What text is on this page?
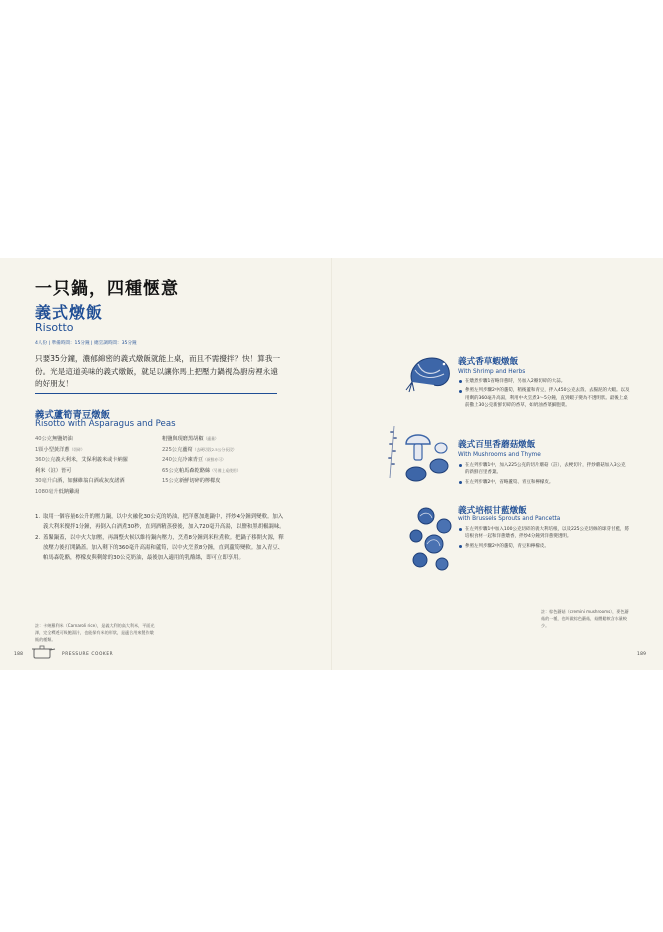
一只鍋，四種愜意
義式燉飯
Risotto
4人份 | 準備時間：15分鐘 | 總烹調時間：35分鐘
只要35分鐘，濃郁綿密的義式燉飯就能上桌，而且不需攪拌？快！算我一份。光是這道美味的義式燉飯，就足以讓你馬上把壓力鍋視為廚房裡永遠的好朋友！
義式蘆筍青豆燉飯
Risotto with Asparagus and Peas
40公克無鹽奶油
1顆小型黃洋蔥（切碎）
360公克義大利米，艾保利義米或卡納羅
利米（註）皆可
30毫升白酒，如蘇維翁白酒或灰皮諾酒
1080毫升低鈉雞湯
粗鹽與現磨黑胡椒（適量）
225公克蘆筍（去硬切段2.5公分長段）
240公克冷凍青豆（新鮮亦可）
65公克帕馬森乾酪絲（另備上桌使用）
15公克新鮮切碎的檸檬皮
1. 取用一個容量6公升的壓力鍋，以中火融化30公克的奶油，把洋蔥加進鍋中，拌炒4分鐘到變軟。加入義大利米攪拌1分鐘，再倒入白酒煮30秒，直到酒精蒸發後，加入720毫升高湯，以鹽和黑胡椒調味。
2. 蓋緊鍋蓋，以中火大加壓，再調整火候以維持鍋內壓力，烹煮8分鐘到米粒煮軟。把鍋子移開火源，釋放壓力後打開鍋蓋。加入剩下的360毫升高湯和蘆筍，以中火烹煮8分鐘，直到蘆筍變軟。加入青豆、帕馬森乾酪，檸檬皮與剩餘的30公克奶油，最後加入適用的乳酪絲，即可立即享用。
註：卡納羅利米（Carnaroli rice），是義大利的高大利米，平面光澤，完全釋透可吸飽湯汁，也能保有米的形狀，是適合用來製作燉飯的種類。
188	PRESSURE COOKER
義式香草蝦燉飯
With Shrimp and Herbs
在燉煮步驟1省略洋蔥時，另加入2瓣切碎的大蒜。
參照左列步驟2中的蘆筍，稍後蓋和青豆，拌入450公克去殼、去腸泥的大蝦。以及用剩的360毫升高湯，利用中火烹煮3～5分鐘，直到蝦子變為不透明狀。最後上桌前撒上30公克新鮮切碎的香草，如奶油香菜細胞菜。
義式百里香蘑菇燉飯
With Mushrooms and Thyme
在左列步驟1中，加入225公克的切片蘑菇（註），去梗切片，拌炒蘑菇加入3公克的新鮮百里香葉。
在左列步驟2中，省略蘆筍、青豆和檸檬皮。
義式培根甘藍燉飯
with Brussels Sprouts and Pancetta
在左列步驟1中加入100公克切碎的義大利培根，以及225公克切絲的球芽甘藍，將培根食材一起和洋蔥燉香，拌炒4分鐘到洋蔥變透明。
參照左列步驟2中的蘆筍，青豆和檸檬皮。
註：棕色蘑菇（cremini mushrooms），麥色蘑菇的一種，也叫做棕色蘑菇，菇體鬆軟含水量較少。
189
